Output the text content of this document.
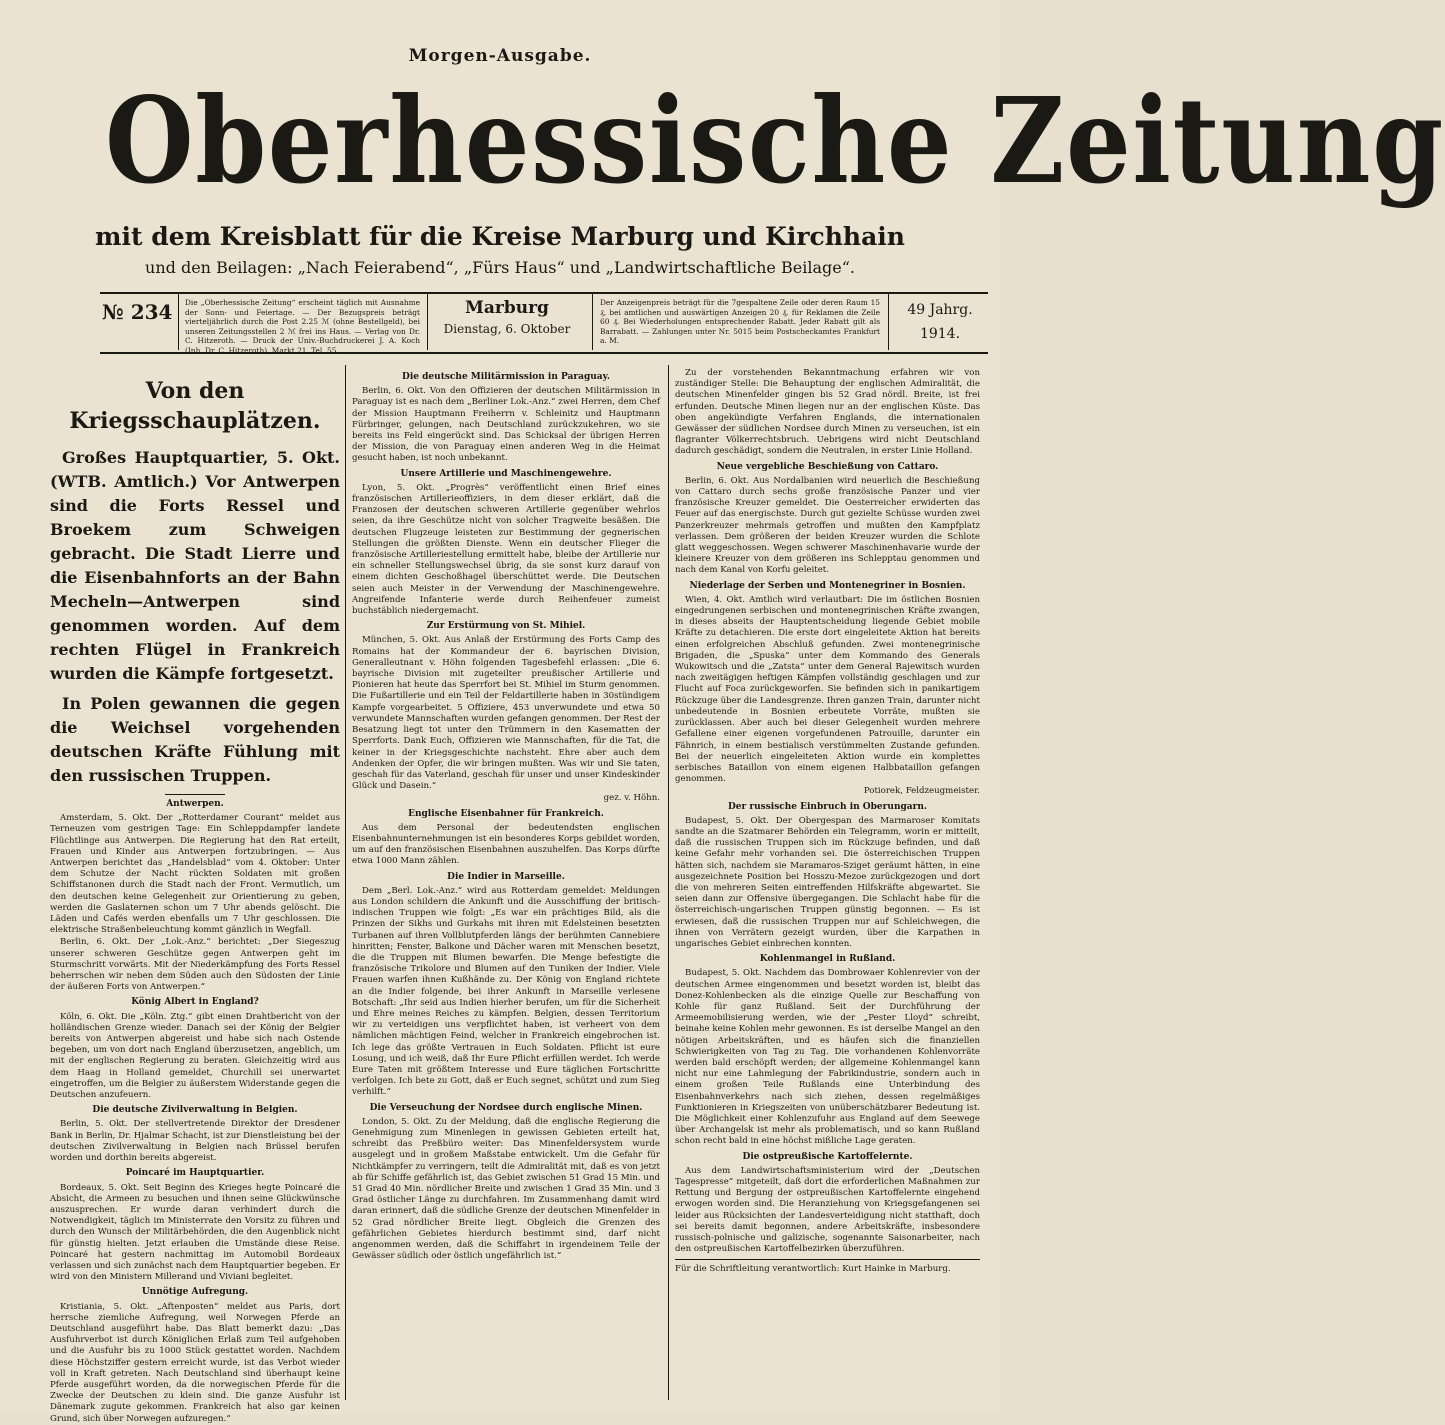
Morgen-Ausgabe.
Oberhessische Zeitung
mit dem Kreisblatt für die Kreise Marburg und Kirchhain
und den Beilagen: „Nach Feierabend“, „Fürs Haus“ und „Landwirtschaftliche Beilage“.
№ 234 Die „Oberhessische Zeitung“ erscheint täglich mit Ausnahme der Sonn- und Feiertage. — Der Bezugspreis beträgt vierteljährlich durch die Post 2.25 ℳ (ohne Bestellgeld), bei unseren Zeitungsstellen 2 ℳ frei ins Haus. — Verlag von Dr. C. Hitzeroth. — Druck der Univ.-Buchdruckerei J. A. Koch (Inh. Dr. C. Hitzeroth), Markt 21, Tel. 55.
Marburg
Dienstag, 6. Oktober
Der Anzeigenpreis beträgt für die 7gespaltene Zeile oder deren Raum 15 ₰, bei amtlichen und auswärtigen Anzeigen 20 ₰, für Reklamen die Zeile 60 ₰. Bei Wiederholungen entsprechender Rabatt. Jeder Rabatt gilt als Barrabatt. — Zahlungen unter Nr. 5015 beim Postscheckamtes Frankfurt a. M.
49 Jahrg.
1914.
Von den Kriegsschauplätzen.

Großes Hauptquartier, 5. Okt. (WTB. Amtlich.) Vor Antwerpen sind die Forts Ressel und Broekem zum Schweigen gebracht. Die Stadt Lierre und die Eisenbahnforts an der Bahn Mecheln—Antwerpen sind genommen worden. Auf dem rechten Flügel in Frankreich wurden die Kämpfe fortgesetzt.

In Polen gewannen die gegen die Weichsel vorgehenden deutschen Kräfte Fühlung mit den russischen Truppen.

Antwerpen.

Amsterdam, 5. Okt. Der „Rotterdamer Courant“ meldet aus Terneuzen vom gestrigen Tage: Ein Schleppdampfer landete Flüchtlinge aus Antwerpen. Die Regierung hat den Rat erteilt, Frauen und Kinder aus Antwerpen fortzubringen. — Aus Antwerpen berichtet das „Handelsblad“ vom 4. Oktober: Unter dem Schutze der Nacht rückten Soldaten mit großen Schiffstanonen durch die Stadt nach der Front. Vermutlich, um den deutschen keine Gelegenheit zur Orientierung zu geben, werden die Gaslaternen schon um 7 Uhr abends gelöscht. Die Läden und Cafés werden ebenfalls um 7 Uhr geschlossen. Die elektrische Straßenbeleuchtung kommt gänzlich in Wegfall.

Berlin, 6. Okt. Der „Lok.-Anz.“ berichtet: „Der Siegeszug unserer schweren Geschütze gegen Antwerpen geht im Sturmschritt vorwärts. Mit der Niederkämpfung des Forts Ressel beherrschen wir neben dem Süden auch den Südosten der Linie der äußeren Forts von Antwerpen.“

König Albert in England?

Köln, 6. Okt. Die „Köln. Ztg.“ gibt einen Drahtbericht von der holländischen Grenze wieder. Danach sei der König der Belgier bereits von Antwerpen abgereist und habe sich nach Ostende begeben, um von dort nach England überzusetzen, angeblich, um mit der englischen Regierung zu beraten. Gleichzeitig wird aus dem Haag in Holland gemeldet, Churchill sei unerwartet eingetroffen, um die Belgier zu äußerstem Widerstande gegen die Deutschen anzufeuern.

Die deutsche Zivilverwaltung in Belgien.

Berlin, 5. Okt. Der stellvertretende Direktor der Dresdener Bank in Berlin, Dr. Hjalmar Schacht, ist zur Dienstleistung bei der deutschen Zivilverwaltung in Belgien nach Brüssel berufen worden und dorthin bereits abgereist.

Poincaré im Hauptquartier.

Bordeaux, 5. Okt. Seit Beginn des Krieges hegte Poincaré die Absicht, die Armeen zu besuchen und ihnen seine Glückwünsche auszusprechen. Er wurde daran verhindert durch die Notwendigkeit, täglich im Ministerrate den Vorsitz zu führen und durch den Wunsch der Militärbehörden, die den Augenblick nicht für günstig hielten. Jetzt erlauben die Umstände diese Reise. Poincaré hat gestern nachmittag im Automobil Bordeaux verlassen und sich zunächst nach dem Hauptquartier begeben. Er wird von den Ministern Millerand und Viviani begleitet.

Unnötige Aufregung.

Kristiania, 5. Okt. „Aftenposten“ meldet aus Paris, dort herrsche ziemliche Aufregung, weil Norwegen Pferde an Deutschland ausgeführt habe. Das Blatt bemerkt dazu: „Das Ausfuhrverbot ist durch Königlichen Erlaß zum Teil aufgehoben und die Ausfuhr bis zu 1000 Stück gestattet worden. Nachdem diese Höchstziffer gestern erreicht wurde, ist das Verbot wieder voll in Kraft getreten. Nach Deutschland sind überhaupt keine Pferde ausgeführt worden, da die norwegischen Pferde für die Zwecke der Deutschen zu klein sind. Die ganze Ausfuhr ist Dänemark zugute gekommen. Frankreich hat also gar keinen Grund, sich über Norwegen aufzuregen.“

Die deutsche Militärmission in Paraguay.

Berlin, 6. Okt. Von den Offizieren der deutschen Militärmission in Paraguay ist es nach dem „Berliner Lok.-Anz.“ zwei Herren, dem Chef der Mission Hauptmann Freiherrn v. Schleinitz und Hauptmann Fürbringer, gelungen, nach Deutschland zurückzukehren, wo sie bereits ins Feld eingerückt sind. Das Schicksal der übrigen Herren der Mission, die von Paraguay einen anderen Weg in die Heimat gesucht haben, ist noch unbekannt.

Unsere Artillerie und Maschinengewehre.

Lyon, 5. Okt. „Progrès“ veröffentlicht einen Brief eines französischen Artillerieoffiziers, in dem dieser erklärt, daß die Franzosen der deutschen schweren Artillerie gegenüber wehrlos seien, da ihre Geschütze nicht von solcher Tragweite besäßen. Die deutschen Flugzeuge leisteten zur Bestimmung der gegnerischen Stellungen die größten Dienste. Wenn ein deutscher Flieger die französische Artilleriestellung ermittelt habe, bleibe der Artillerie nur ein schneller Stellungswechsel übrig, da sie sonst kurz darauf von einem dichten Geschoßhagel überschüttet werde. Die Deutschen seien auch Meister in der Verwendung der Maschinengewehre. Angreifende Infanterie werde durch Reihenfeuer zumeist buchstäblich niedergemacht.

Zur Erstürmung von St. Mihiel.

München, 5. Okt. Aus Anlaß der Erstürmung des Forts Camp des Romains hat der Kommandeur der 6. bayrischen Division, Generalleutnant v. Höhn folgenden Tagesbefehl erlassen: „Die 6. bayrische Division mit zugeteilter preußischer Artillerie und Pionieren hat heute das Sperrfort bei St. Mihiel im Sturm genommen. Die Fußartillerie und ein Teil der Feldartillerie haben in 30stündigem Kampfe vorgearbeitet. 5 Offiziere, 453 unverwundete und etwa 50 verwundete Mannschaften wurden gefangen genommen. Der Rest der Besatzung liegt tot unter den Trümmern in den Kasematten der Sperrforts. Dank Euch, Offizieren wie Mannschaften, für die Tat, die keiner in der Kriegsgeschichte nachsteht. Ehre aber auch dem Andenken der Opfer, die wir bringen mußten. Was wir und Sie taten, geschah für das Vaterland, geschah für unser und unser Kindeskinder Glück und Dasein.“

gez. v. Höhn.
Englische Eisenbahner für Frankreich.

Aus dem Personal der bedeutendsten englischen Eisenbahnunternehmungen ist ein besonderes Korps gebildet worden, um auf den französischen Eisenbahnen auszuhelfen. Das Korps dürfte etwa 1000 Mann zählen.

Die Indier in Marseille.

Dem „Berl. Lok.-Anz.“ wird aus Rotterdam gemeldet: Meldungen aus London schildern die Ankunft und die Ausschiffung der britisch-indischen Truppen wie folgt: „Es war ein prächtiges Bild, als die Prinzen der Sikhs und Gurkahs mit ihren mit Edelsteinen besetzten Turbanen auf ihren Vollblutpferden längs der berühmten Cannebiere hinritten; Fenster, Balkone und Dächer waren mit Menschen besetzt, die die Truppen mit Blumen bewarfen. Die Menge befestigte die französische Trikolore und Blumen auf den Tuniken der Indier. Viele Frauen warfen ihnen Kußhände zu. Der König von England richtete an die Indier folgende, bei ihrer Ankunft in Marseille verlesene Botschaft: „Ihr seid aus Indien hierher berufen, um für die Sicherheit und Ehre meines Reiches zu kämpfen. Belgien, dessen Territorium wir zu verteidigen uns verpflichtet haben, ist verheert von dem nämlichen mächtigen Feind, welcher in Frankreich eingebrochen ist. Ich lege das größte Vertrauen in Euch Soldaten. Pflicht ist eure Losung, und ich weiß, daß Ihr Eure Pflicht erfüllen werdet. Ich werde Eure Taten mit größtem Interesse und Eure täglichen Fortschritte verfolgen. Ich bete zu Gott, daß er Euch segnet, schützt und zum Sieg verhilft.“

Die Verseuchung der Nordsee durch englische Minen.

London, 5. Okt. Zu der Meldung, daß die englische Regierung die Genehmigung zum Minenlegen in gewissen Gebieten erteilt hat, schreibt das Preßbüro weiter: Das Minenfeldersystem wurde ausgelegt und in großem Maßstabe entwickelt. Um die Gefahr für Nichtkämpfer zu verringern, teilt die Admiralität mit, daß es von jetzt ab für Schiffe gefährlich ist, das Gebiet zwischen 51 Grad 15 Min. und 51 Grad 40 Min. nördlicher Breite und zwischen 1 Grad 35 Min. und 3 Grad östlicher Länge zu durchfahren. Im Zusammenhang damit wird daran erinnert, daß die südliche Grenze der deutschen Minenfelder in 52 Grad nördlicher Breite liegt. Obgleich die Grenzen des gefährlichen Gebietes hierdurch bestimmt sind, darf nicht angenommen werden, daß die Schiffahrt in irgendeinem Teile der Gewässer südlich oder östlich ungefährlich ist.“

Zu der vorstehenden Bekanntmachung erfahren wir von zuständiger Stelle: Die Behauptung der englischen Admiralität, die deutschen Minenfelder gingen bis 52 Grad nördl. Breite, ist frei erfunden. Deutsche Minen liegen nur an der englischen Küste. Das oben angekündigte Verfahren Englands, die internationalen Gewässer der südlichen Nordsee durch Minen zu verseuchen, ist ein flagranter Völkerrechtsbruch. Uebrigens wird nicht Deutschland dadurch geschädigt, sondern die Neutralen, in erster Linie Holland.

Neue vergebliche Beschießung von Cattaro.

Berlin, 6. Okt. Aus Nordalbanien wird neuerlich die Beschießung von Cattaro durch sechs große französische Panzer und vier französische Kreuzer gemeldet. Die Oesterreicher erwiderten das Feuer auf das energischste. Durch gut gezielte Schüsse wurden zwei Panzerkreuzer mehrmals getroffen und mußten den Kampfplatz verlassen. Dem größeren der beiden Kreuzer wurden die Schlote glatt weggeschossen. Wegen schwerer Maschinenhavarie wurde der kleinere Kreuzer von dem größeren ins Schlepptau genommen und nach dem Kanal von Korfu geleitet.

Niederlage der Serben und Montenegriner in Bosnien.

Wien, 4. Okt. Amtlich wird verlautbart: Die im östlichen Bosnien eingedrungenen serbischen und montenegrinischen Kräfte zwangen, in dieses abseits der Hauptentscheidung liegende Gebiet mobile Kräfte zu detachieren. Die erste dort eingeleitete Aktion hat bereits einen erfolgreichen Abschluß gefunden. Zwei montenegrinische Brigaden, die „Spuska“ unter dem Kommando des Generals Wukowitsch und die „Zatsta“ unter dem General Rajewitsch wurden nach zweitägigen heftigen Kämpfen vollständig geschlagen und zur Flucht auf Foca zurückgeworfen. Sie befinden sich in panikartigem Rückzuge über die Landesgrenze. Ihren ganzen Train, darunter nicht unbedeutende in Bosnien erbeutete Vorräte, mußten sie zurücklassen. Aber auch bei dieser Gelegenheit wurden mehrere Gefallene einer eigenen vorgefundenen Patrouille, darunter ein Fähnrich, in einem bestialisch verstümmelten Zustande gefunden. Bei der neuerlich eingeleiteten Aktion wurde ein komplettes serbisches Bataillon von einem eigenen Halbbataillon gefangen genommen.

Potiorek, Feldzeugmeister.
Der russische Einbruch in Oberungarn.

Budapest, 5. Okt. Der Obergespan des Marmaroser Komitats sandte an die Szatmarer Behörden ein Telegramm, worin er mitteilt, daß die russischen Truppen sich im Rückzuge befinden, und daß keine Gefahr mehr vorhanden sei. Die österreichischen Truppen hätten sich, nachdem sie Maramaros-Sziget geräumt hätten, in eine ausgezeichnete Position bei Hosszu-Mezoe zurückgezogen und dort die von mehreren Seiten eintreffenden Hilfskräfte abgewartet. Sie seien dann zur Offensive übergegangen. Die Schlacht habe für die österreichisch-ungarischen Truppen günstig begonnen. — Es ist erwiesen, daß die russischen Truppen nur auf Schleichwegen, die ihnen von Verrätern gezeigt wurden, über die Karpathen in ungarisches Gebiet einbrechen konnten.

Kohlenmangel in Rußland.

Budapest, 5. Okt. Nachdem das Dombrowaer Kohlenrevier von der deutschen Armee eingenommen und besetzt worden ist, bleibt das Donez-Kohlenbecken als die einzige Quelle zur Beschaffung von Kohle für ganz Rußland. Seit der Durchführung der Armeemobilisierung werden, wie der „Pester Lloyd“ schreibt, beinahe keine Kohlen mehr gewonnen. Es ist derselbe Mangel an den nötigen Arbeitskräften, und es häufen sich die finanziellen Schwierigkeiten von Tag zu Tag. Die vorhandenen Kohlenvorräte werden bald erschöpft werden; der allgemeine Kohlenmangel kann nicht nur eine Lahmlegung der Fabrikindustrie, sondern auch in einem großen Teile Rußlands eine Unterbindung des Eisenbahnverkehrs nach sich ziehen, dessen regelmäßiges Funktionieren in Kriegszeiten von unüberschätzbarer Bedeutung ist. Die Möglichkeit einer Kohlenzufuhr aus England auf dem Seewege über Archangelsk ist mehr als problematisch, und so kann Rußland schon recht bald in eine höchst mißliche Lage geraten.

Die ostpreußische Kartoffelernte.

Aus dem Landwirtschaftsministerium wird der „Deutschen Tagespresse“ mitgeteilt, daß dort die erforderlichen Maßnahmen zur Rettung und Bergung der ostpreußischen Kartoffelernte eingehend erwogen worden sind. Die Heranziehung von Kriegsgefangenen sei leider aus Rücksichten der Landesverteidigung nicht statthaft, doch sei bereits damit begonnen, andere Arbeitskräfte, insbesondere russisch-polnische und galizische, sogenannte Saisonarbeiter, nach den ostpreußischen Kartoffelbezirken überzuführen.

Für die Schriftleitung verantwortlich: Kurt Hainke in Marburg.
